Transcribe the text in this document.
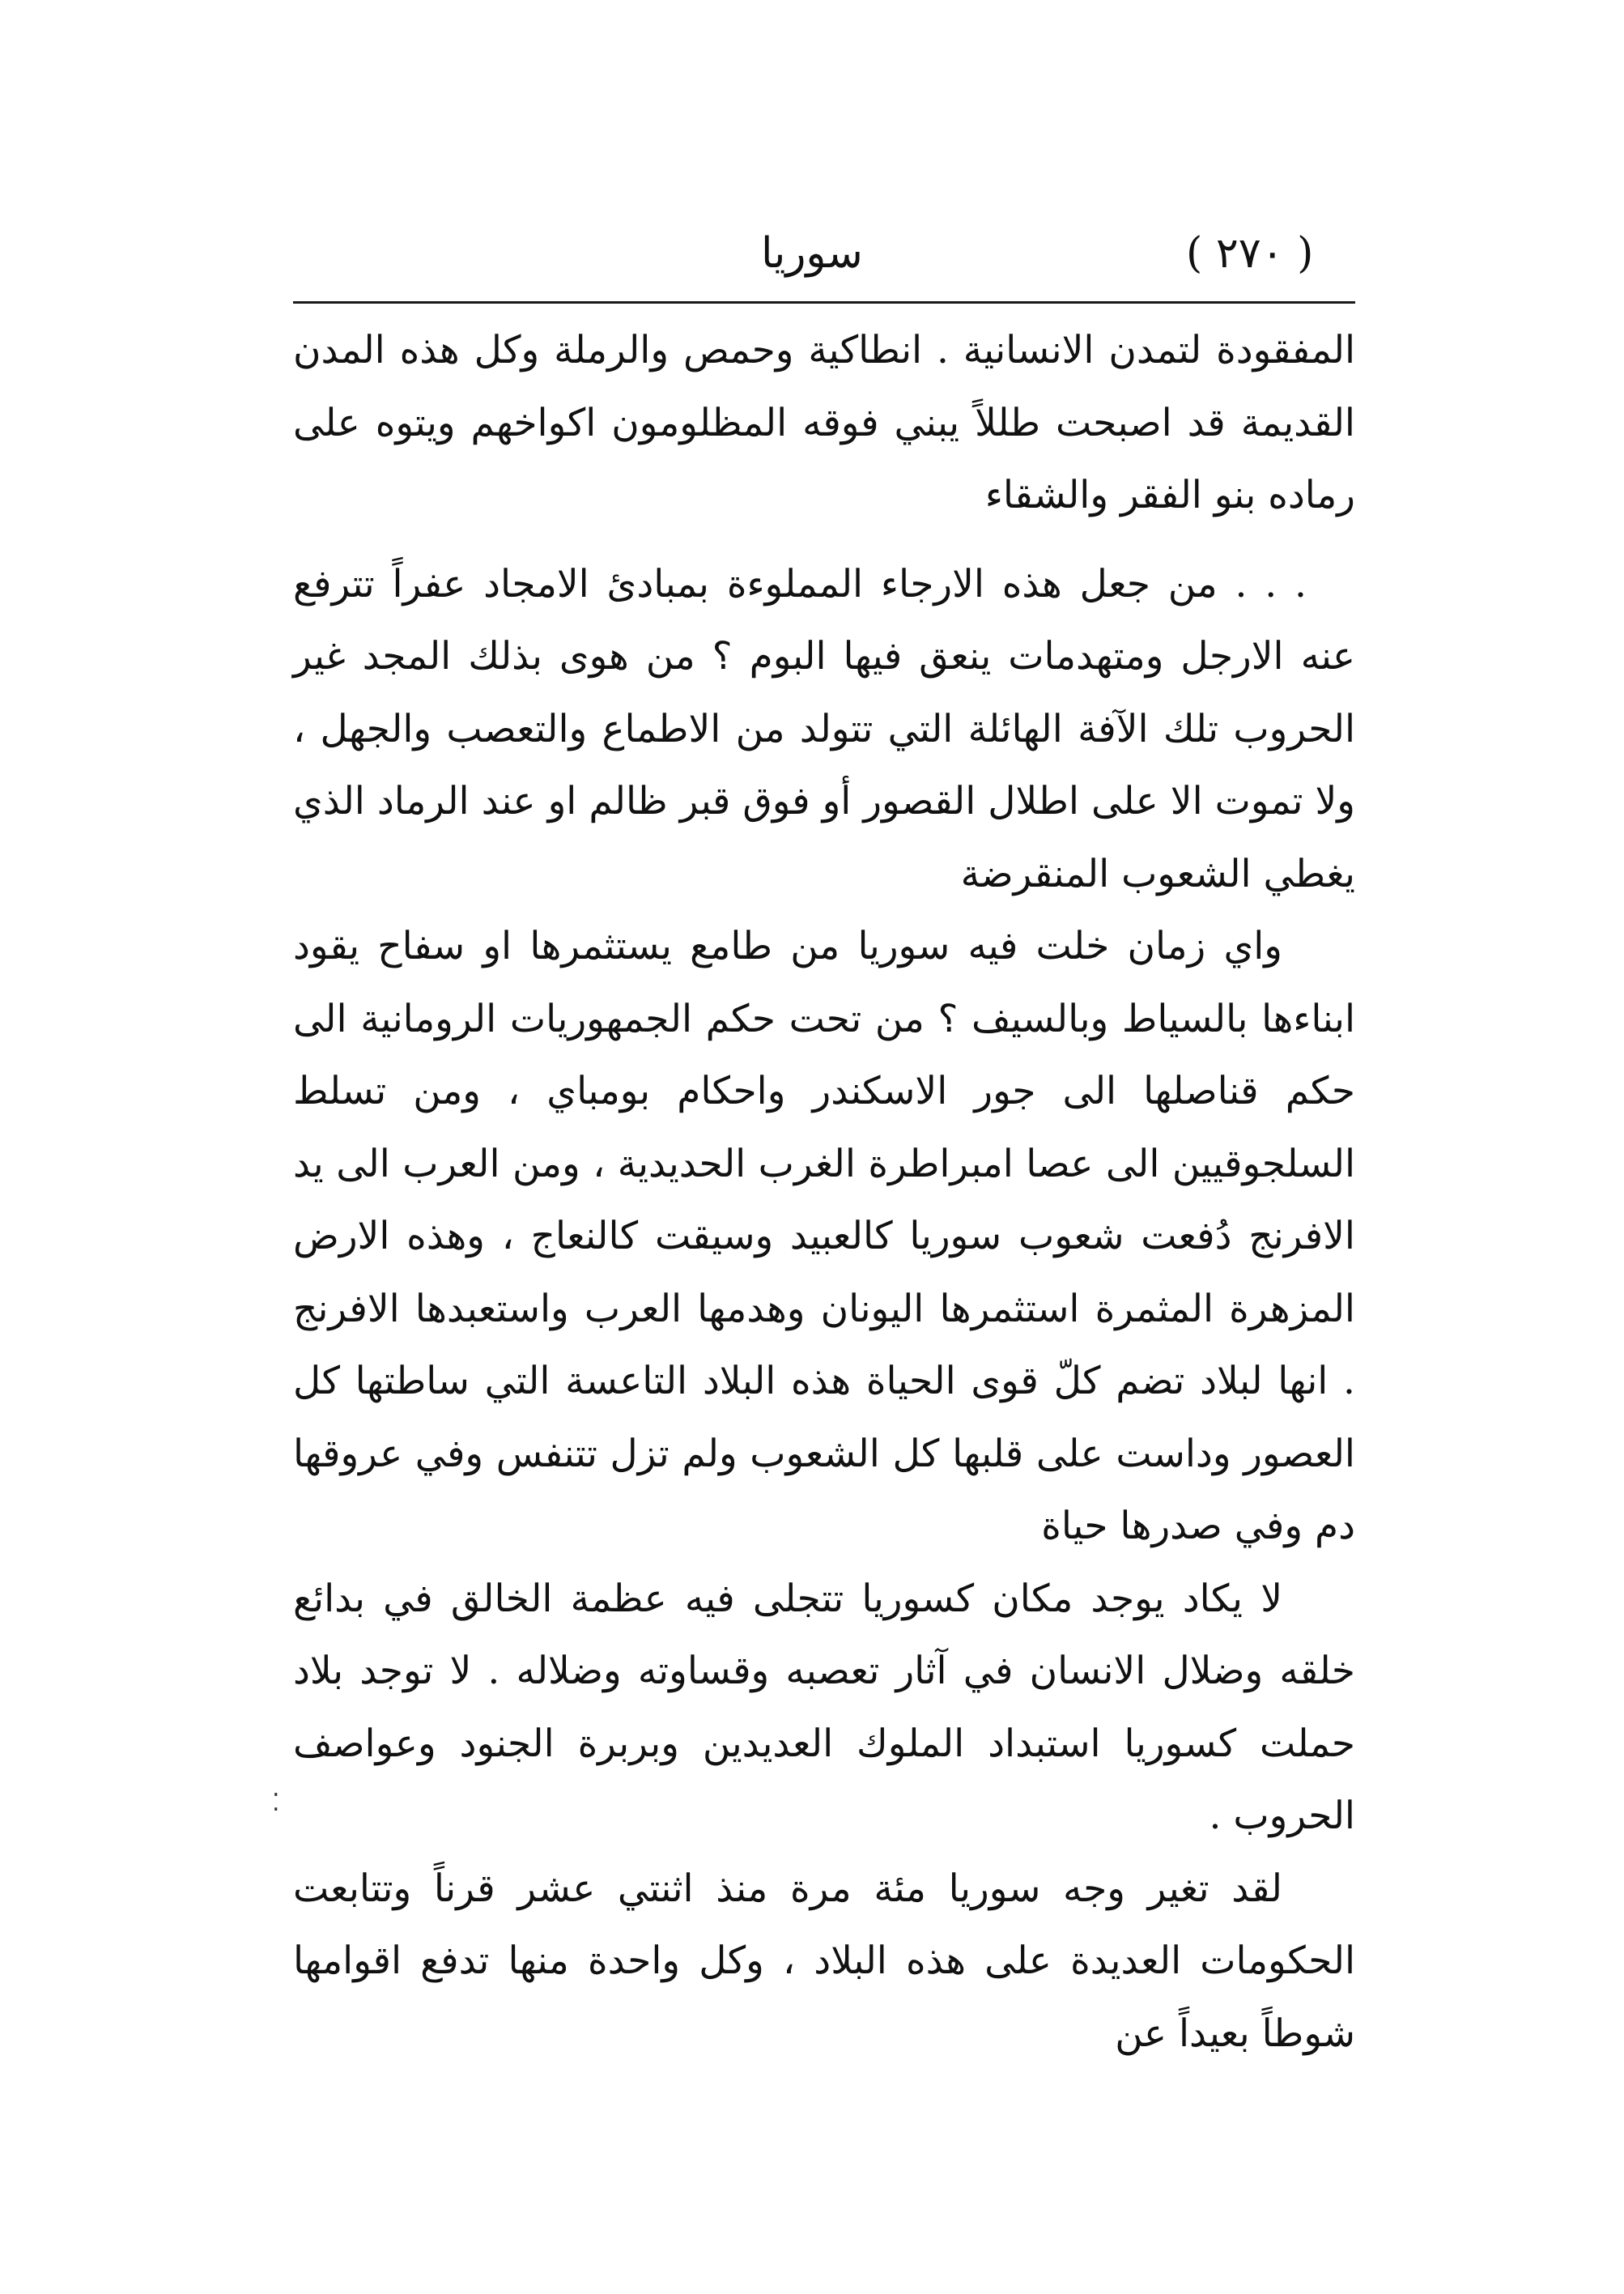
( ٢٧٠ )
سوريا

المفقودة لتمدن الانسانية . انطاكية وحمص والرملة وكل هذه المدن القديمة قد اصبحت طللاً يبني فوقه المظلومون اكواخهم ويتوه على رماده بنو الفقر والشقاء

. . . من جعل هذه الارجاء المملوءة بمبادئ الامجاد عفراً تترفع عنه الارجل ومتهدمات ينعق فيها البوم ؟ من هوى بذلك المجد غير الحروب تلك الآفة الهائلة التي تتولد من الاطماع والتعصب والجهل ، ولا تموت الا على اطلال القصور أو فوق قبر ظالم او عند الرماد الذي يغطي الشعوب المنقرضة

واي زمان خلت فيه سوريا من طامع يستثمرها او سفاح يقود ابناءها بالسياط وبالسيف ؟ من تحت حكم الجمهوريات الرومانية الى حكم قناصلها الى جور الاسكندر واحكام بومباي ، ومن تسلط السلجوقيين الى عصا امبراطرة الغرب الحديدية ، ومن العرب الى يد الافرنج دُفعت شعوب سوريا كالعبيد وسيقت كالنعاج ، وهذه الارض المزهرة المثمرة استثمرها اليونان وهدمها العرب واستعبدها الافرنج . انها لبلاد تضم كلّ قوى الحياة هذه البلاد التاعسة التي ساطتها كل العصور وداست على قلبها كل الشعوب ولم تزل تتنفس وفي عروقها دم وفي صدرها حياة

لا يكاد يوجد مكان كسوريا تتجلى فيه عظمة الخالق في بدائع خلقه وضلال الانسان في آثار تعصبه وقساوته وضلاله . لا توجد بلاد حملت كسوريا استبداد الملوك العديدين وبربرة الجنود وعواصف الحروب .

لقد تغير وجه سوريا مئة مرة منذ اثنتي عشر قرناً وتتابعت الحكومات العديدة على هذه البلاد ، وكل واحدة منها تدفع اقوامها شوطاً بعيداً عن

⁚
